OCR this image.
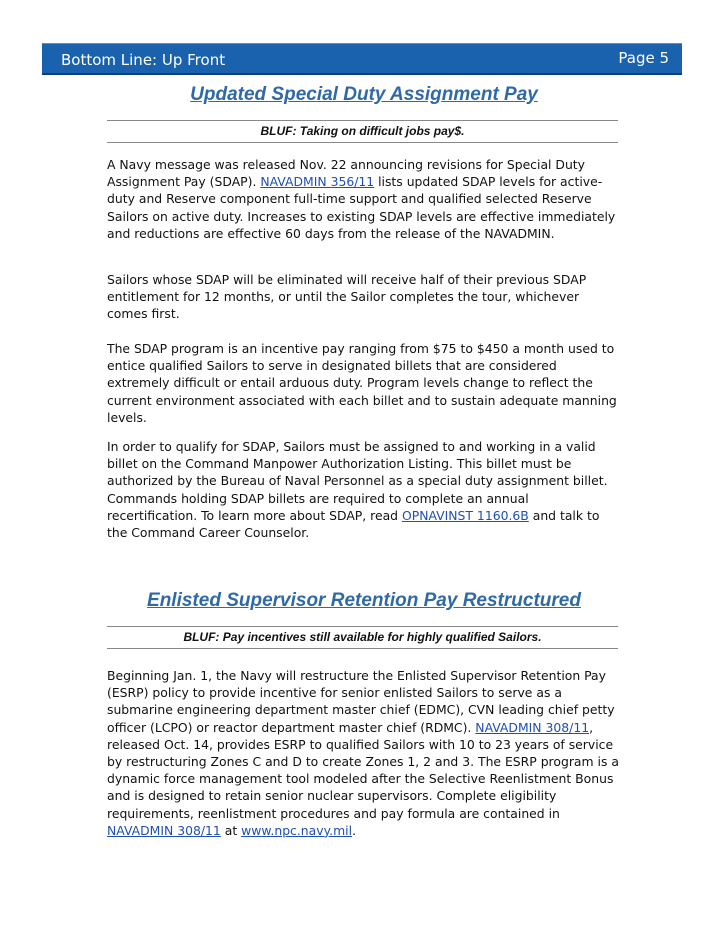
Bottom Line: Up Front	Page 5
Updated Special Duty Assignment Pay
BLUF: Taking on difficult jobs pay$.

A Navy message was released Nov. 22 announcing revisions for Special Duty Assignment Pay (SDAP). NAVADMIN 356/11 lists updated SDAP levels for active-duty and Reserve component full-time support and qualified selected Reserve Sailors on active duty. Increases to existing SDAP levels are effective immediately and reductions are effective 60 days from the release of the NAVADMIN.

Sailors whose SDAP will be eliminated will receive half of their previous SDAP entitlement for 12 months, or until the Sailor completes the tour, whichever comes first.

The SDAP program is an incentive pay ranging from $75 to $450 a month used to entice qualified Sailors to serve in designated billets that are considered extremely difficult or entail arduous duty. Program levels change to reflect the current environment associated with each billet and to sustain adequate manning levels.

In order to qualify for SDAP, Sailors must be assigned to and working in a valid billet on the Command Manpower Authorization Listing. This billet must be authorized by the Bureau of Naval Personnel as a special duty assignment billet. Commands holding SDAP billets are required to complete an annual recertification. To learn more about SDAP, read OPNAVINST 1160.6B and talk to the Command Career Counselor.

Enlisted Supervisor Retention Pay Restructured
BLUF: Pay incentives still available for highly qualified Sailors.

Beginning Jan. 1, the Navy will restructure the Enlisted Supervisor Retention Pay (ESRP) policy to provide incentive for senior enlisted Sailors to serve as a submarine engineering department master chief (EDMC), CVN leading chief petty officer (LCPO) or reactor department master chief (RDMC). NAVADMIN 308/11, released Oct. 14, provides ESRP to qualified Sailors with 10 to 23 years of service by restructuring Zones C and D to create Zones 1, 2 and 3. The ESRP program is a dynamic force management tool modeled after the Selective Reenlistment Bonus and is designed to retain senior nuclear supervisors. Complete eligibility requirements, reenlistment procedures and pay formula are contained in NAVADMIN 308/11 at www.npc.navy.mil.
